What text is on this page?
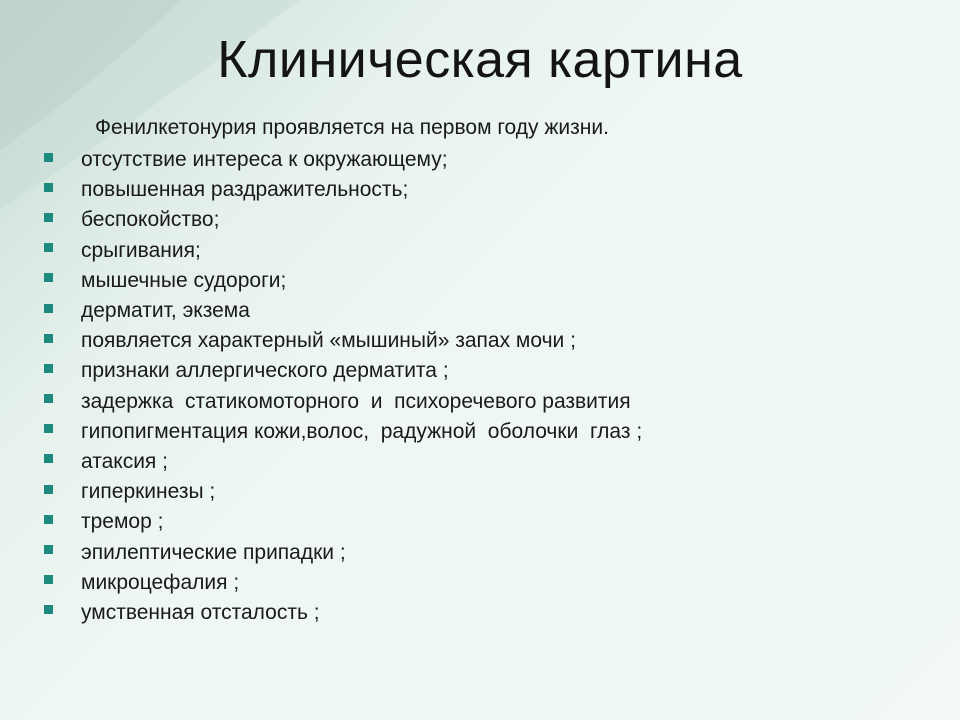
Клиническая картина
Фенилкетонурия проявляется на первом году жизни.
отсутствие интереса к окружающему;
повышенная раздражительность;
беспокойство;
срыгивания;
мышечные судороги;
дерматит, экзема
появляется характерный «мышиный» запах мочи ;
признаки аллергического дерматита ;
задержка  статикомоторного  и  психоречевого развития
гипопигментация кожи,волос,  радужной  оболочки  глаз ;
атаксия ;
гиперкинезы ;
тремор ;
эпилептические припадки ;
микроцефалия ;
умственная отсталость ;
